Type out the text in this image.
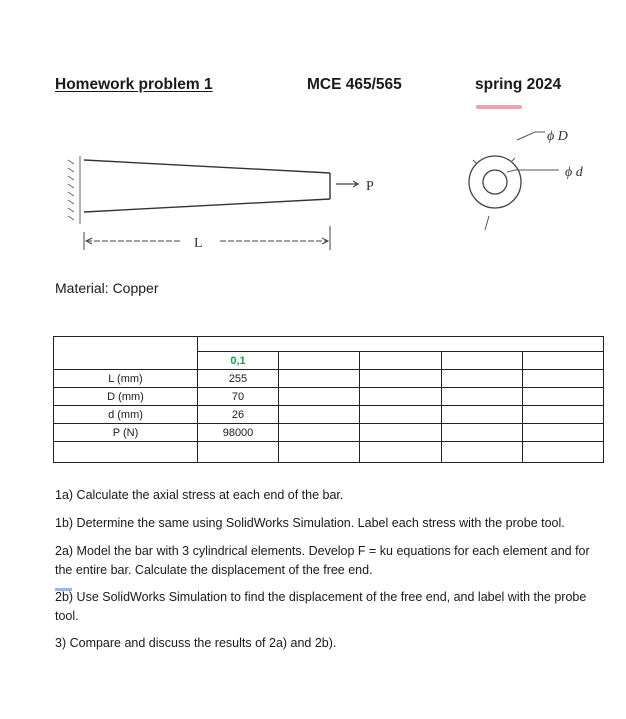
Homework problem 1	MCE 465/565	spring 2024
P
L
ϕ D
ϕ d
Material: Copper

	0,1				
L (mm)	255				
D (mm)	70				
d (mm)	26				
P (N)	98000				

1a) Calculate the axial stress at each end of the bar.
1b) Determine the same using SolidWorks Simulation. Label each stress with the probe tool.
2a) Model the bar with 3 cylindrical elements. Develop F = ku equations for each element and for the entire bar. Calculate the displacement of the free end.
2b) Use SolidWorks Simulation to find the displacement of the free end, and label with the probe tool.
3) Compare and discuss the results of 2a) and 2b).
